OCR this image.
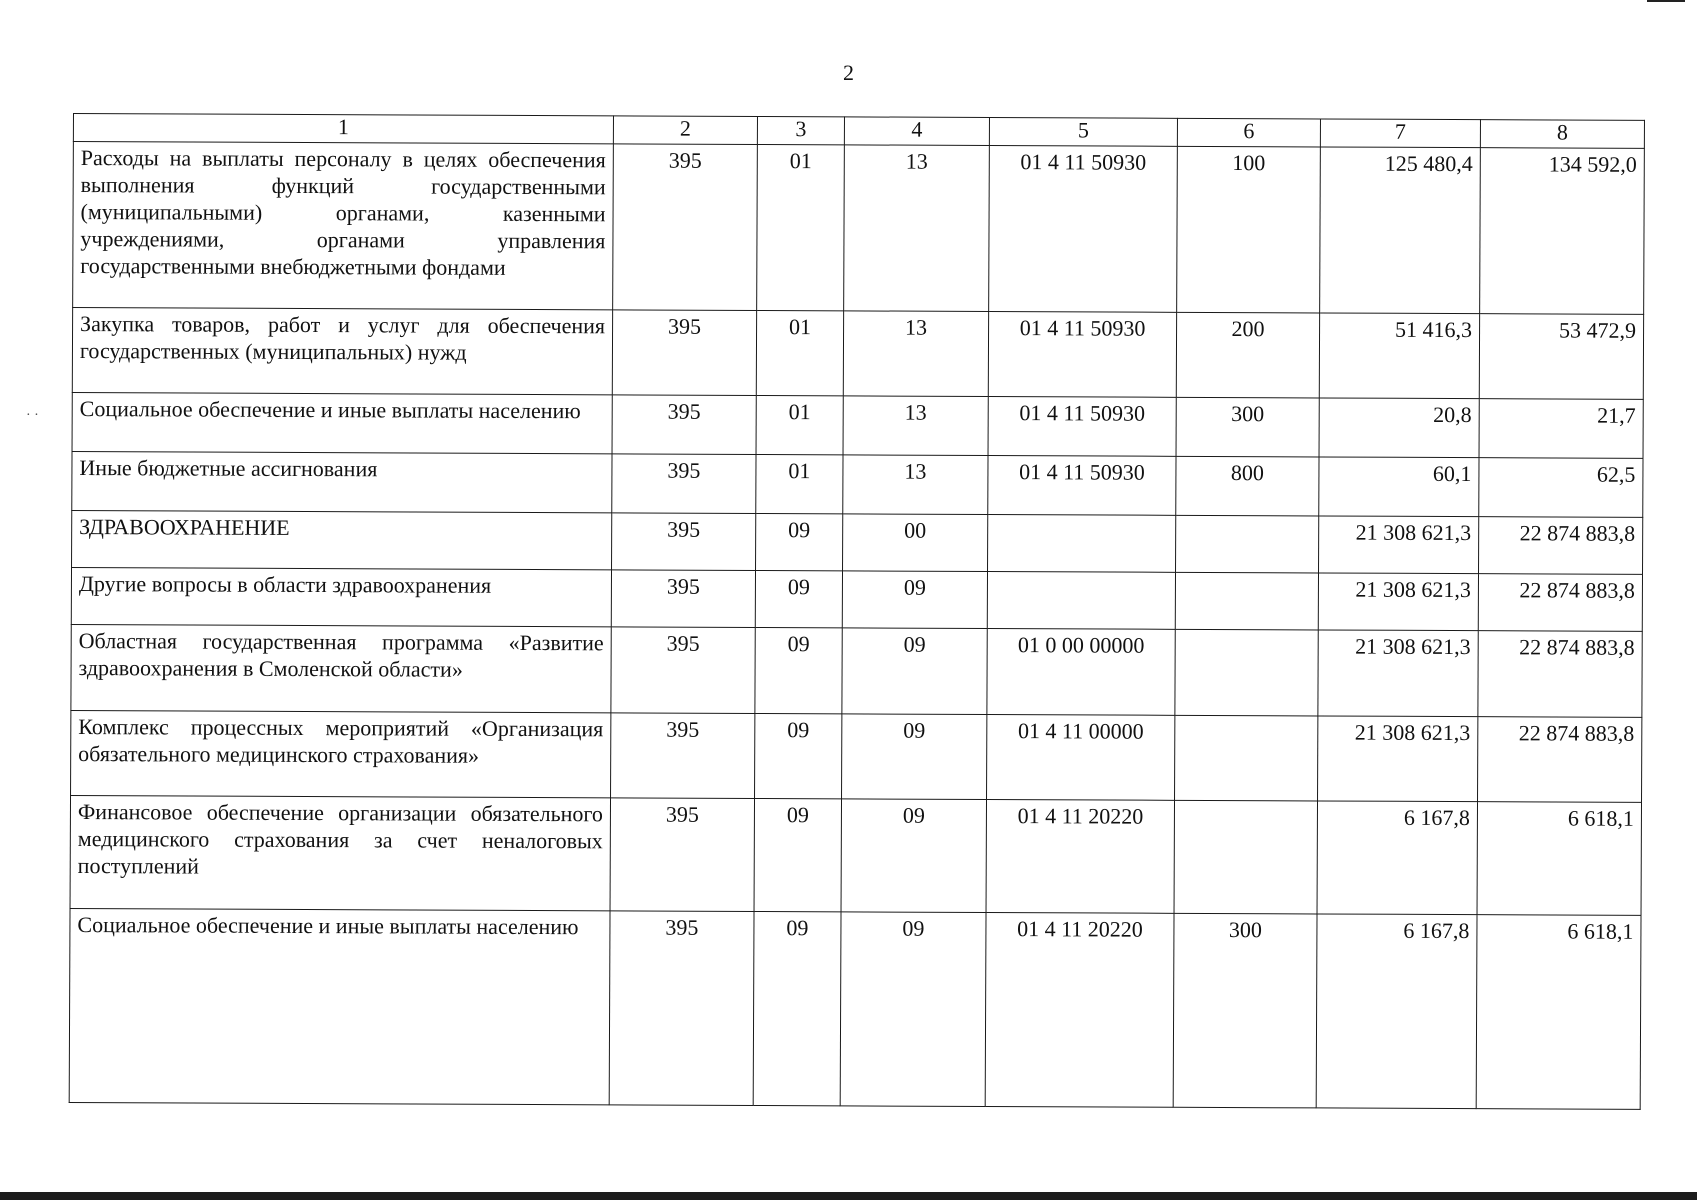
2
· ·
1	2	3	4	5	6	7	8
Расходы на выплаты персоналу в целях обеспечения выполнения функций государственными (муниципальными) органами, казенными учреждениями, органами управления государственными внебюджетными фондами	395	01	13	01 4 11 50930	100	125 480,4	134 592,0
Закупка товаров, работ и услуг для обеспечения государственных (муниципальных) нужд	395	01	13	01 4 11 50930	200	51 416,3	53 472,9
Социальное обеспечение и иные выплаты населению	395	01	13	01 4 11 50930	300	20,8	21,7
Иные бюджетные ассигнования	395	01	13	01 4 11 50930	800	60,1	62,5
ЗДРАВООХРАНЕНИЕ	395	09	00			21 308 621,3	22 874 883,8
Другие вопросы в области здравоохранения	395	09	09			21 308 621,3	22 874 883,8
Областная государственная программа «Развитие здравоохранения в Смоленской области»	395	09	09	01 0 00 00000		21 308 621,3	22 874 883,8
Комплекс процессных мероприятий «Организация обязательного медицинского страхования»	395	09	09	01 4 11 00000		21 308 621,3	22 874 883,8
Финансовое обеспечение организации обязательного медицинского страхования за счет неналоговых поступлений	395	09	09	01 4 11 20220		6 167,8	6 618,1
Социальное обеспечение и иные выплаты населению	395	09	09	01 4 11 20220	300	6 167,8	6 618,1
